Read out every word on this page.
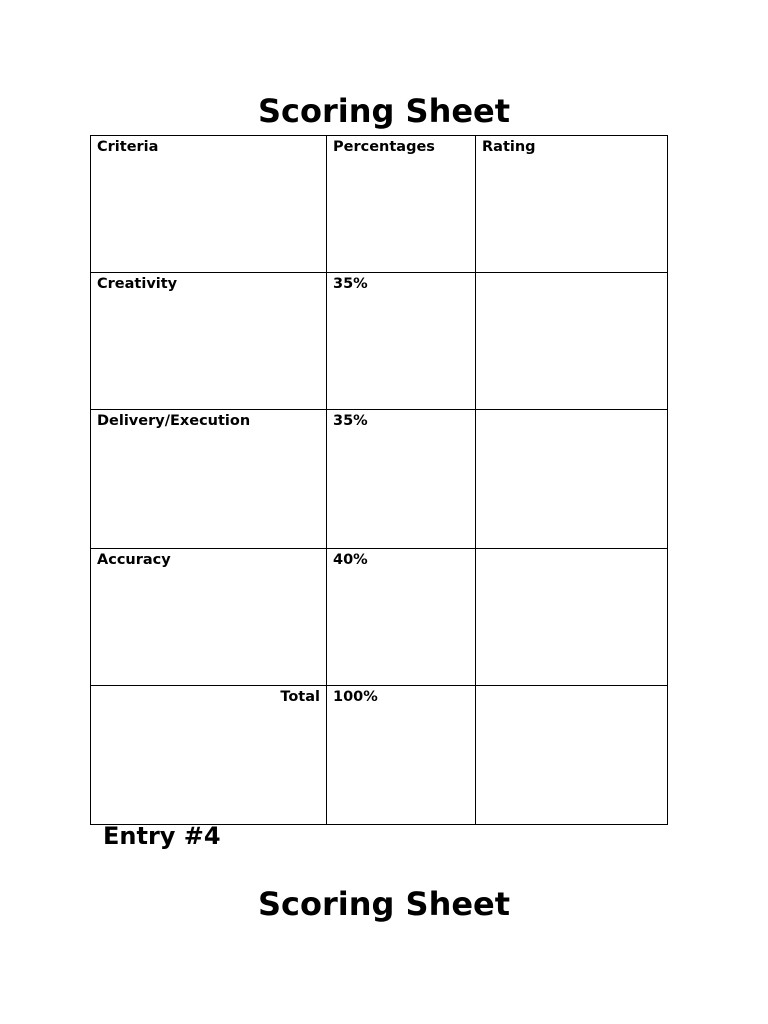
Scoring Sheet
Criteria	Percentages	Rating
Creativity	35%	
Delivery/Execution	35%	
Accuracy	40%	
Total	100%	
Entry #4
Scoring Sheet
